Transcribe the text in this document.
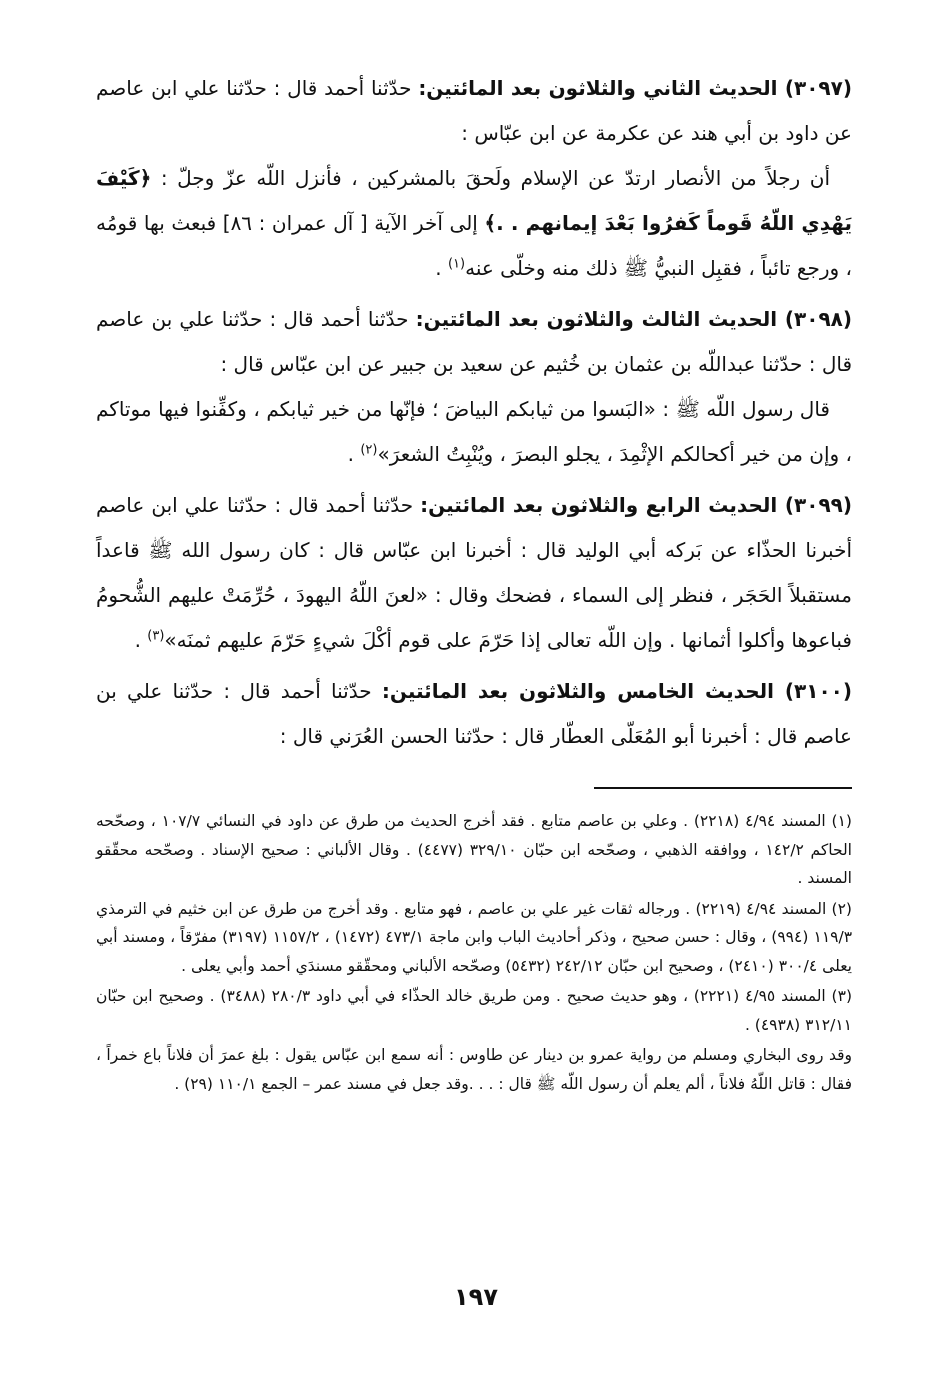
(٣٠٩٧) الحديث الثاني والثلاثون بعد المائتين: حدّثنا أحمد قال : حدّثنا علي ابن عاصم عن داود بن أبي هند عن عكرمة عن ابن عبّاس :

أن رجلاً من الأنصار ارتدّ عن الإسلام ولَحقَ بالمشركين ، فأنزل اللّه عزّ وجلّ : ﴿كَيْفَ يَهْدِي اللّهُ قَوماً كَفرُوا بَعْدَ إيمانهم . .﴾ إلى آخر الآية [ آل عمران : ٨٦] فبعث بها قومُه ، ورجع تائباً ، فقبِل النبيُّ ﷺ ذلك منه وخلّى عنه$^{(١)}$ .

(٣٠٩٨) الحديث الثالث والثلاثون بعد المائتين: حدّثنا أحمد قال : حدّثنا علي بن عاصم قال : حدّثنا عبداللّه بن عثمان بن خُثيم عن سعيد بن جبير عن ابن عبّاس قال :

قال رسول اللّه ﷺ : «البَسوا من ثيابكم البياضَ ؛ فإنّها من خير ثيابكم ، وكفِّنوا فيها موتاكم ، وإن من خير أكحالكم الإثْمِدَ ، يجلو البصرَ ، ويُنْبِتُ الشعرَ»$^{(٢)}$ .

(٣٠٩٩) الحديث الرابع والثلاثون بعد المائتين: حدّثنا أحمد قال : حدّثنا علي ابن عاصم أخبرنا الحذّاء عن بَركه أبي الوليد قال : أخبرنا ابن عبّاس قال : كان رسول الله ﷺ قاعداً مستقبلاً الحَجَر ، فنظر إلى السماء ، فضحك وقال : «لعنَ اللّهُ اليهودَ ، حُرِّمَتْ عليهم الشُّحومُ فباعوها وأكلوا أثمانها . وإن اللّه تعالى إذا حَرّمَ على قوم أكْلَ شيءٍ حَرّمَ عليهم ثمنَه»$^{(٣)}$ .

(٣١٠٠) الحديث الخامس والثلاثون بعد المائتين: حدّثنا أحمد قال : حدّثنا علي بن عاصم قال : أخبرنا أبو المُعَلّى العطّار قال : حدّثنا الحسن العُرَني قال :

(١) المسند ٤/٩٤ (٢٢١٨) . وعلي بن عاصم متابع . فقد أخرج الحديث من طرق عن داود في النسائي ١٠٧/٧ ، وصحّحه الحاكم ١٤٢/٢ ، ووافقه الذهبي ، وصحّحه ابن حبّان ٣٢٩/١٠ (٤٤٧٧) . وقال الألباني : صحيح الإسناد . وصحّحه محقّقو المسند .

(٢) المسند ٤/٩٤ (٢٢١٩) . ورجاله ثقات غير علي بن عاصم ، فهو متابع . وقد أخرج من طرق عن ابن خثيم في الترمذي ١١٩/٣ (٩٩٤) ، وقال : حسن صحيح ، وذكر أحاديث الباب وابن ماجة ٤٧٣/١ (١٤٧٢) ، ١١٥٧/٢ (٣١٩٧) مفرّقاً ، ومسند أبي يعلى ٣٠٠/٤ (٢٤١٠) ، وصحيح ابن حبّان ٢٤٢/١٢ (٥٤٣٢) وصحّحه الألباني ومحقّقو مسندَي أحمد وأبي يعلى .

(٣) المسند ٤/٩٥ (٢٢٢١) ، وهو حديث صحيح . ومن طريق خالد الحذّاء في أبي داود ٢٨٠/٣ (٣٤٨٨) . وصحيح ابن حبّان ٣١٢/١١ (٤٩٣٨) .

وقد روى البخاري ومسلم من رواية عمرو بن دينار عن طاوس : أنه سمع ابن عبّاس يقول : بلغ عمرَ أن فلاناً باع خمراً ، فقال : قاتل اللّهُ فلاناً ، ألم يعلم أن رسول اللّه ﷺ قال : . . .وقد جعل في مسند عمر – الجمع ١١٠/١ (٢٩) .

١٩٧
